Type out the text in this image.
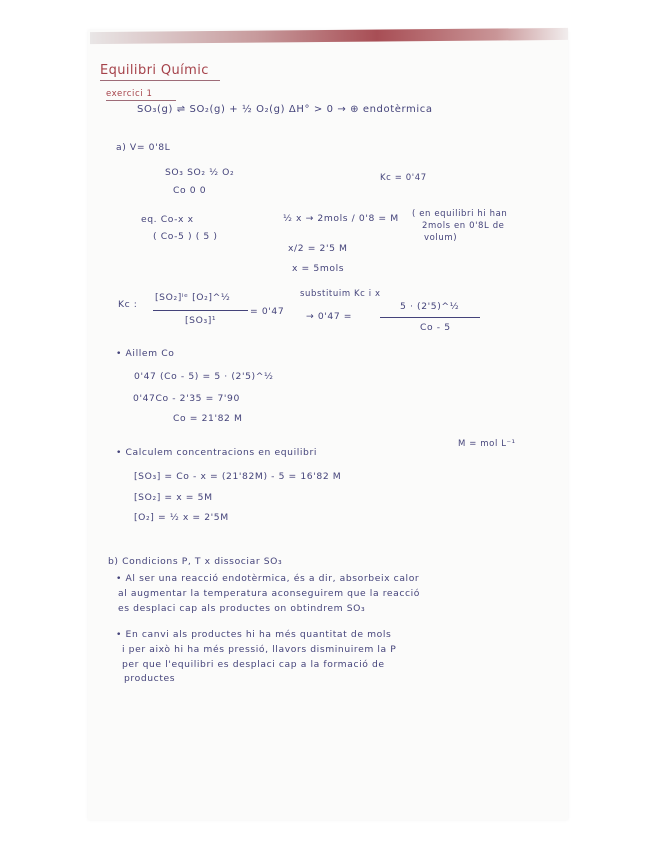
Equilibri Químic
exercici 1
SO₃(g) ⇌ SO₂(g) + ½ O₂(g) ΔH° > 0 → ⊕ endotèrmica
a) V= 0'8L
SO₃ SO₂ ½ O₂
Co 0 0
Kc = 0'47
eq. Co-x x
( Co-5 ) ( 5 )
½ x → 2mols / 0'8 = M ( en equilibri hi han
2mols en 0'8L de
volum)
x/2 = 2'5 M
x = 5mols
Kc :
[SO₂]ⁱᵉ [O₂]^½
[SO₃]¹
= 0'47
substituim Kc i x
→ 0'47 =
5 · (2'5)^½
Co - 5
• Aillem Co
0'47 (Co - 5) = 5 · (2'5)^½
0'47Co - 2'35 = 7'90
Co = 21'82 M
• Calculem concentracions en equilibri
M = mol L⁻¹
[SO₃] = Co - x = (21'82M) - 5 = 16'82 M
[SO₂] = x = 5M
[O₂] = ½ x = 2'5M
b) Condicions P, T x dissociar SO₃
• Al ser una reacció endotèrmica, és a dir, absorbeix calor
al augmentar la temperatura aconseguirem que la reacció
es desplaci cap als productes on obtindrem SO₃
• En canvi als productes hi ha més quantitat de mols
i per això hi ha més pressió, llavors disminuirem la P
per que l'equilibri es desplaci cap a la formació de
productes
